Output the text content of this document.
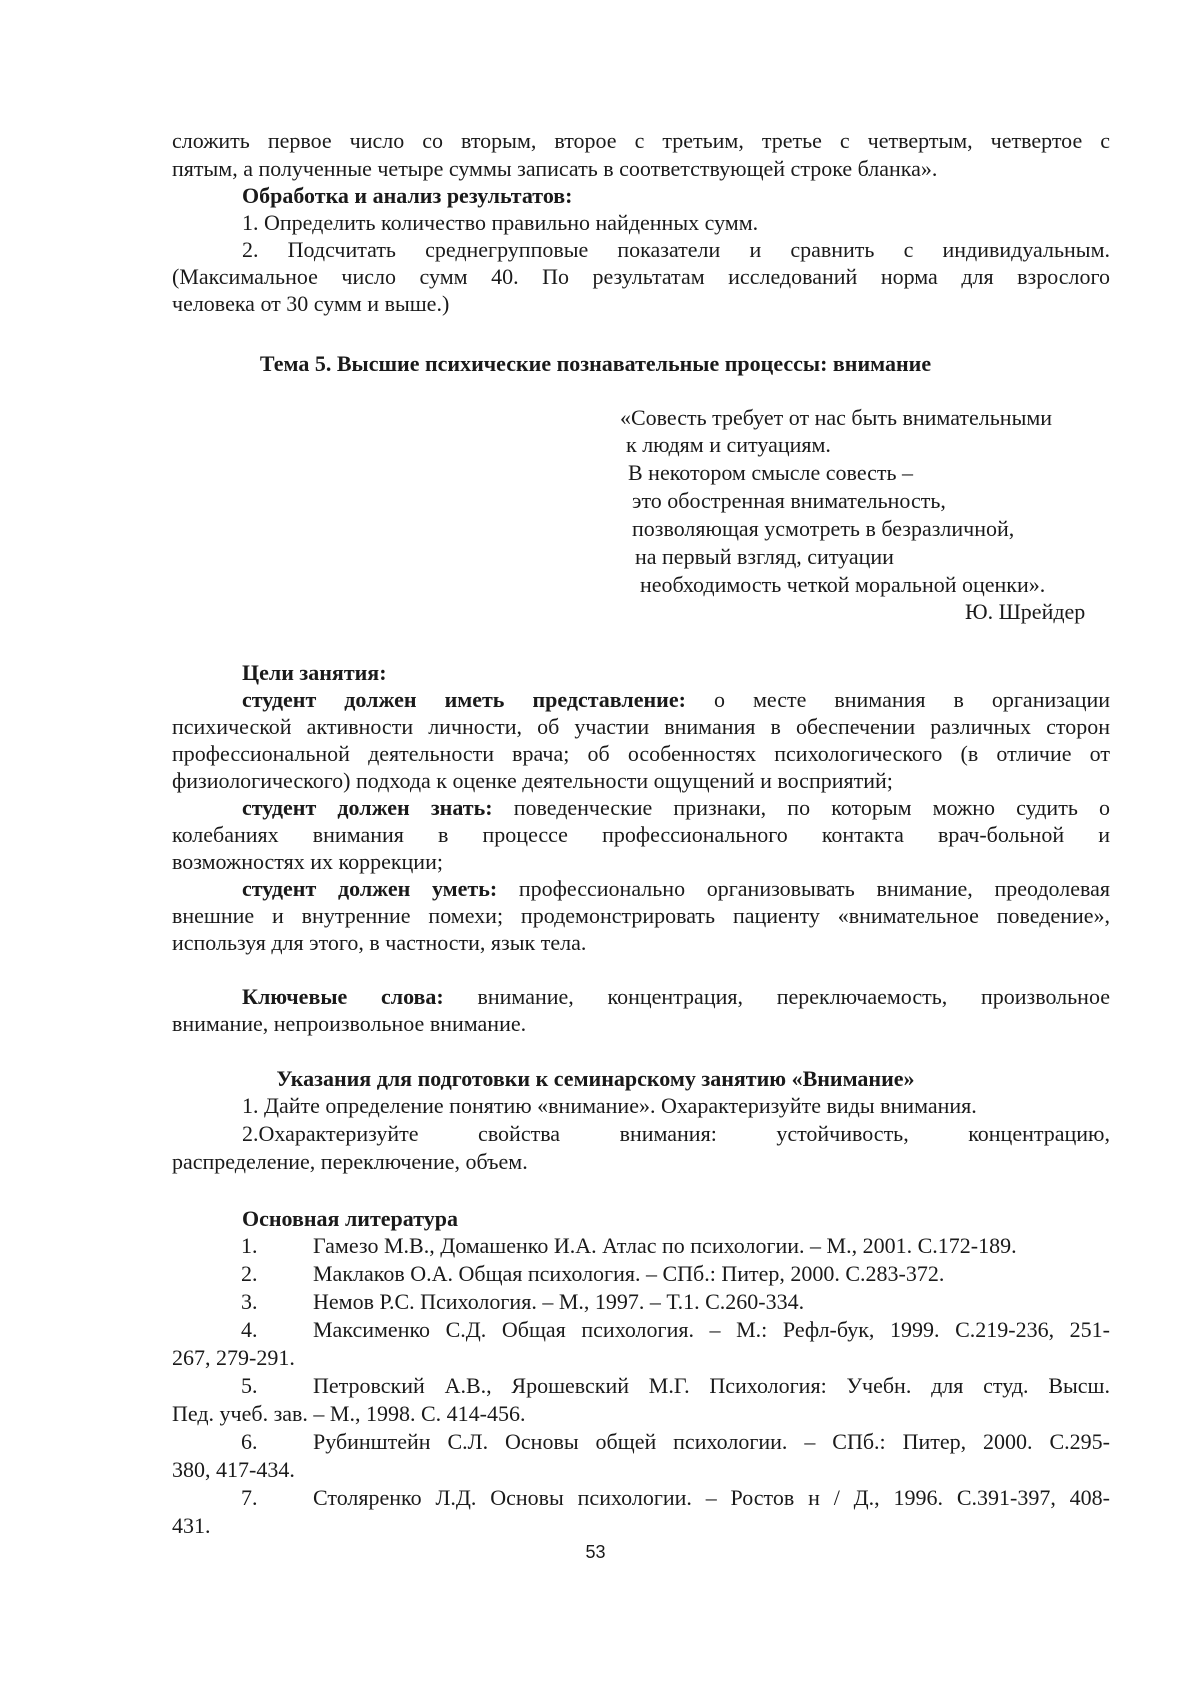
сложить первое число со вторым, второе с третьим, третье с четвертым, четвертое с
пятым, а полученные четыре суммы записать в соответствующей строке бланка».
Обработка и анализ результатов:
1. Определить количество правильно найденных сумм.
2. Подсчитать среднегрупповые показатели и сравнить с индивидуальным.
(Максимальное число сумм 40. По результатам исследований норма для взрослого
человека от 30 сумм и выше.)
Тема 5. Высшие психические познавательные процессы: внимание
«Совесть требует от нас быть внимательными
к людям и ситуациям.
В некотором смысле совесть –
это обостренная внимательность,
позволяющая усмотреть в безразличной,
на первый взгляд, ситуации
необходимость четкой моральной оценки».
Ю. Шрейдер
Цели занятия:
студент должен иметь представление: о месте внимания в организации
психической активности личности, об участии внимания в обеспечении различных сторон
профессиональной деятельности врача; об особенностях психологического (в отличие от
физиологического) подхода к оценке деятельности ощущений и восприятий;
студент должен знать: поведенческие признаки, по которым можно судить о
колебаниях внимания в процессе профессионального контакта врач-больной и
возможностях их коррекции;
студент должен уметь: профессионально организовывать внимание, преодолевая
внешние и внутренние помехи; продемонстрировать пациенту «внимательное поведение»,
используя для этого, в частности, язык тела.
Ключевые слова: внимание, концентрация, переключаемость, произвольное
внимание, непроизвольное внимание.
Указания для подготовки к семинарскому занятию «Внимание»
1. Дайте определение понятию «внимание». Охарактеризуйте виды внимания.
2.Охарактеризуйте свойства внимания: устойчивость, концентрацию,
распределение, переключение, объем.
Основная литература
1.	Гамезо М.В., Домашенко И.А. Атлас по психологии. – М., 2001. С.172-189.
2.	Маклаков О.А. Общая психология. – СПб.: Питер, 2000. С.283-372.
3.	Немов Р.С. Психология. – М., 1997. – Т.1. С.260-334.
4.	Максименко С.Д. Общая психология. – М.: Рефл-бук, 1999. С.219-236, 251-
267, 279-291.
5.	Петровский А.В., Ярошевский М.Г. Психология: Учебн. для студ. Высш.
Пед. учеб. зав. – М., 1998. С. 414-456.
6.	Рубинштейн С.Л. Основы общей психологии. – СПб.: Питер, 2000. С.295-
380, 417-434.
7.	Столяренко Л.Д. Основы психологии. – Ростов н / Д., 1996. С.391-397, 408-
431.
53
